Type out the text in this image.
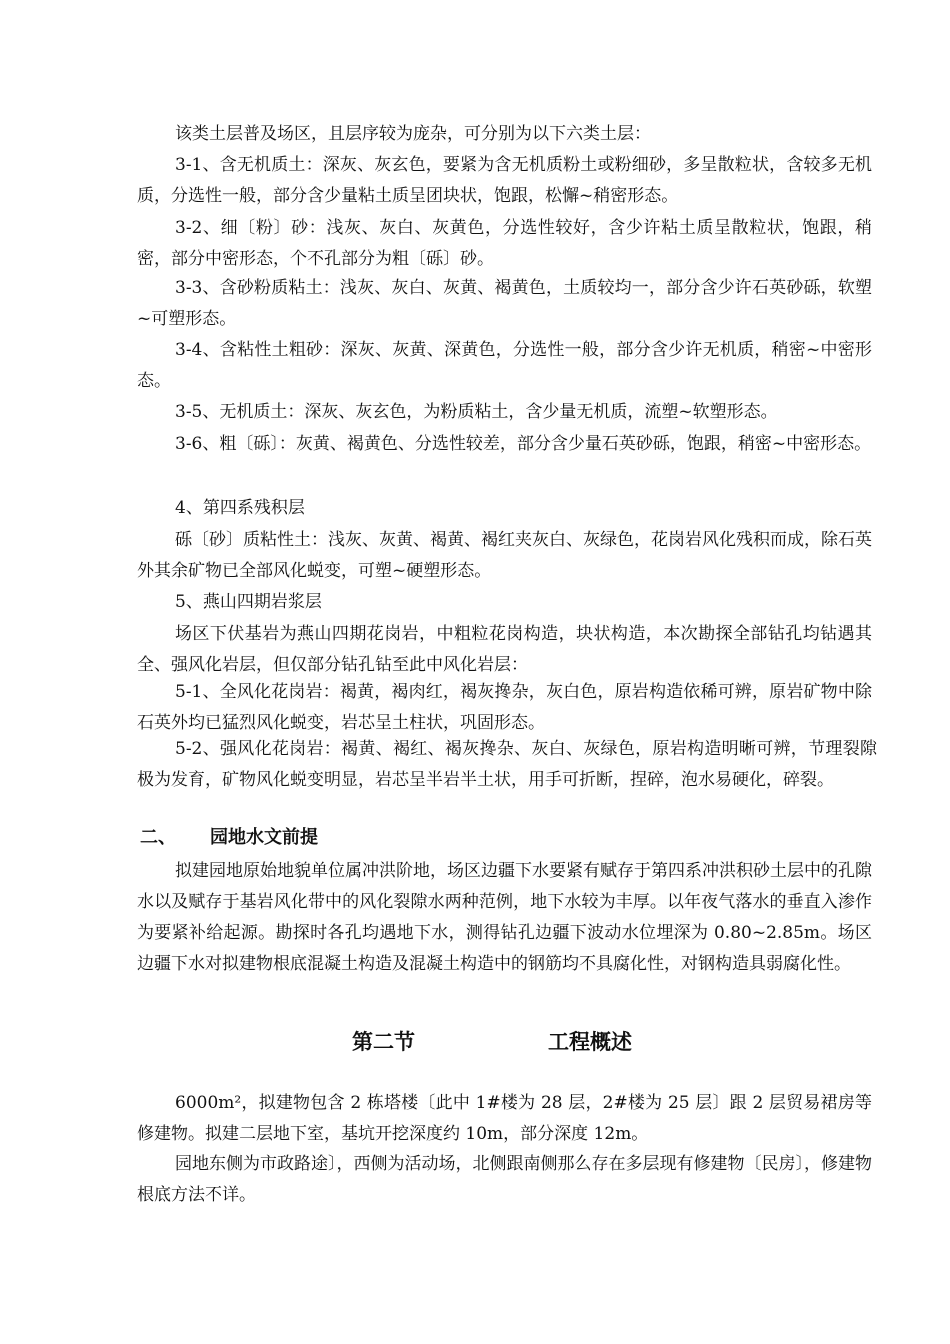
该类土层普及场区，且层序较为庞杂，可分别为以下六类土层：

3-1、含无机质土：深灰、灰玄色，要紧为含无机质粉土或粉细砂，多呈散粒状，含较多无机质，分选性一般，部分含少量粘土质呈团块状，饱跟，松懈~稍密形态。

3-2、细〔粉〕砂：浅灰、灰白、灰黄色，分选性较好，含少许粘土质呈散粒状，饱跟，稍密，部分中密形态，个不孔部分为粗〔砾〕砂。

3-3、含砂粉质粘土：浅灰、灰白、灰黄、褐黄色，土质较均一，部分含少许石英砂砾，软塑 ~可塑形态。

3-4、含粘性土粗砂：深灰、灰黄、深黄色，分选性一般，部分含少许无机质，稍密~中密形态。

3-5、无机质土：深灰、灰玄色，为粉质粘土，含少量无机质，流塑~软塑形态。

3-6、粗〔砾〕：灰黄、褐黄色、分选性较差，部分含少量石英砂砾，饱跟，稍密~中密形态。

4、第四系残积层

砾〔砂〕质粘性土：浅灰、灰黄、褐黄、褐红夹灰白、灰绿色，花岗岩风化残积而成，除石英外其余矿物已全部风化蜕变，可塑~硬塑形态。

5、燕山四期岩浆层

场区下伏基岩为燕山四期花岗岩，中粗粒花岗构造，块状构造，本次勘探全部钻孔均钻遇其全、强风化岩层，但仅部分钻孔钻至此中风化岩层：

5-1、全风化花岗岩：褐黄，褐肉红，褐灰搀杂，灰白色，原岩构造依稀可辨，原岩矿物中除石英外均已猛烈风化蜕变，岩芯呈土柱状，巩固形态。

5-2、强风化花岗岩：褐黄、褐红、褐灰搀杂、灰白、灰绿色，原岩构造明晰可辨，节理裂隙极为发育，矿物风化蜕变明显，岩芯呈半岩半土状，用手可折断，捏碎，泡水易硬化，碎裂。

二、 园地水文前提

拟建园地原始地貌单位属冲洪阶地，场区边疆下水要紧有赋存于第四系冲洪积砂土层中的孔隙水以及赋存于基岩风化带中的风化裂隙水两种范例，地下水较为丰厚。以年夜气落水的垂直入渗作为要紧补给起源。勘探时各孔均遇地下水，测得钻孔边疆下波动水位埋深为 0.80~2.85m。场区边疆下水对拟建物根底混凝土构造及混凝土构造中的钢筋均不具腐化性，对钢构造具弱腐化性。

第二节	工程概述

6000m²，拟建物包含 2 栋塔楼〔此中 1#楼为 28 层，2#楼为 25 层〕跟 2 层贸易裙房等修建物。拟建二层地下室，基坑开挖深度约 10m，部分深度 12m。

园地东侧为市政路途〕，西侧为活动场，北侧跟南侧那么存在多层现有修建物〔民房〕，修建物根底方法不详。
